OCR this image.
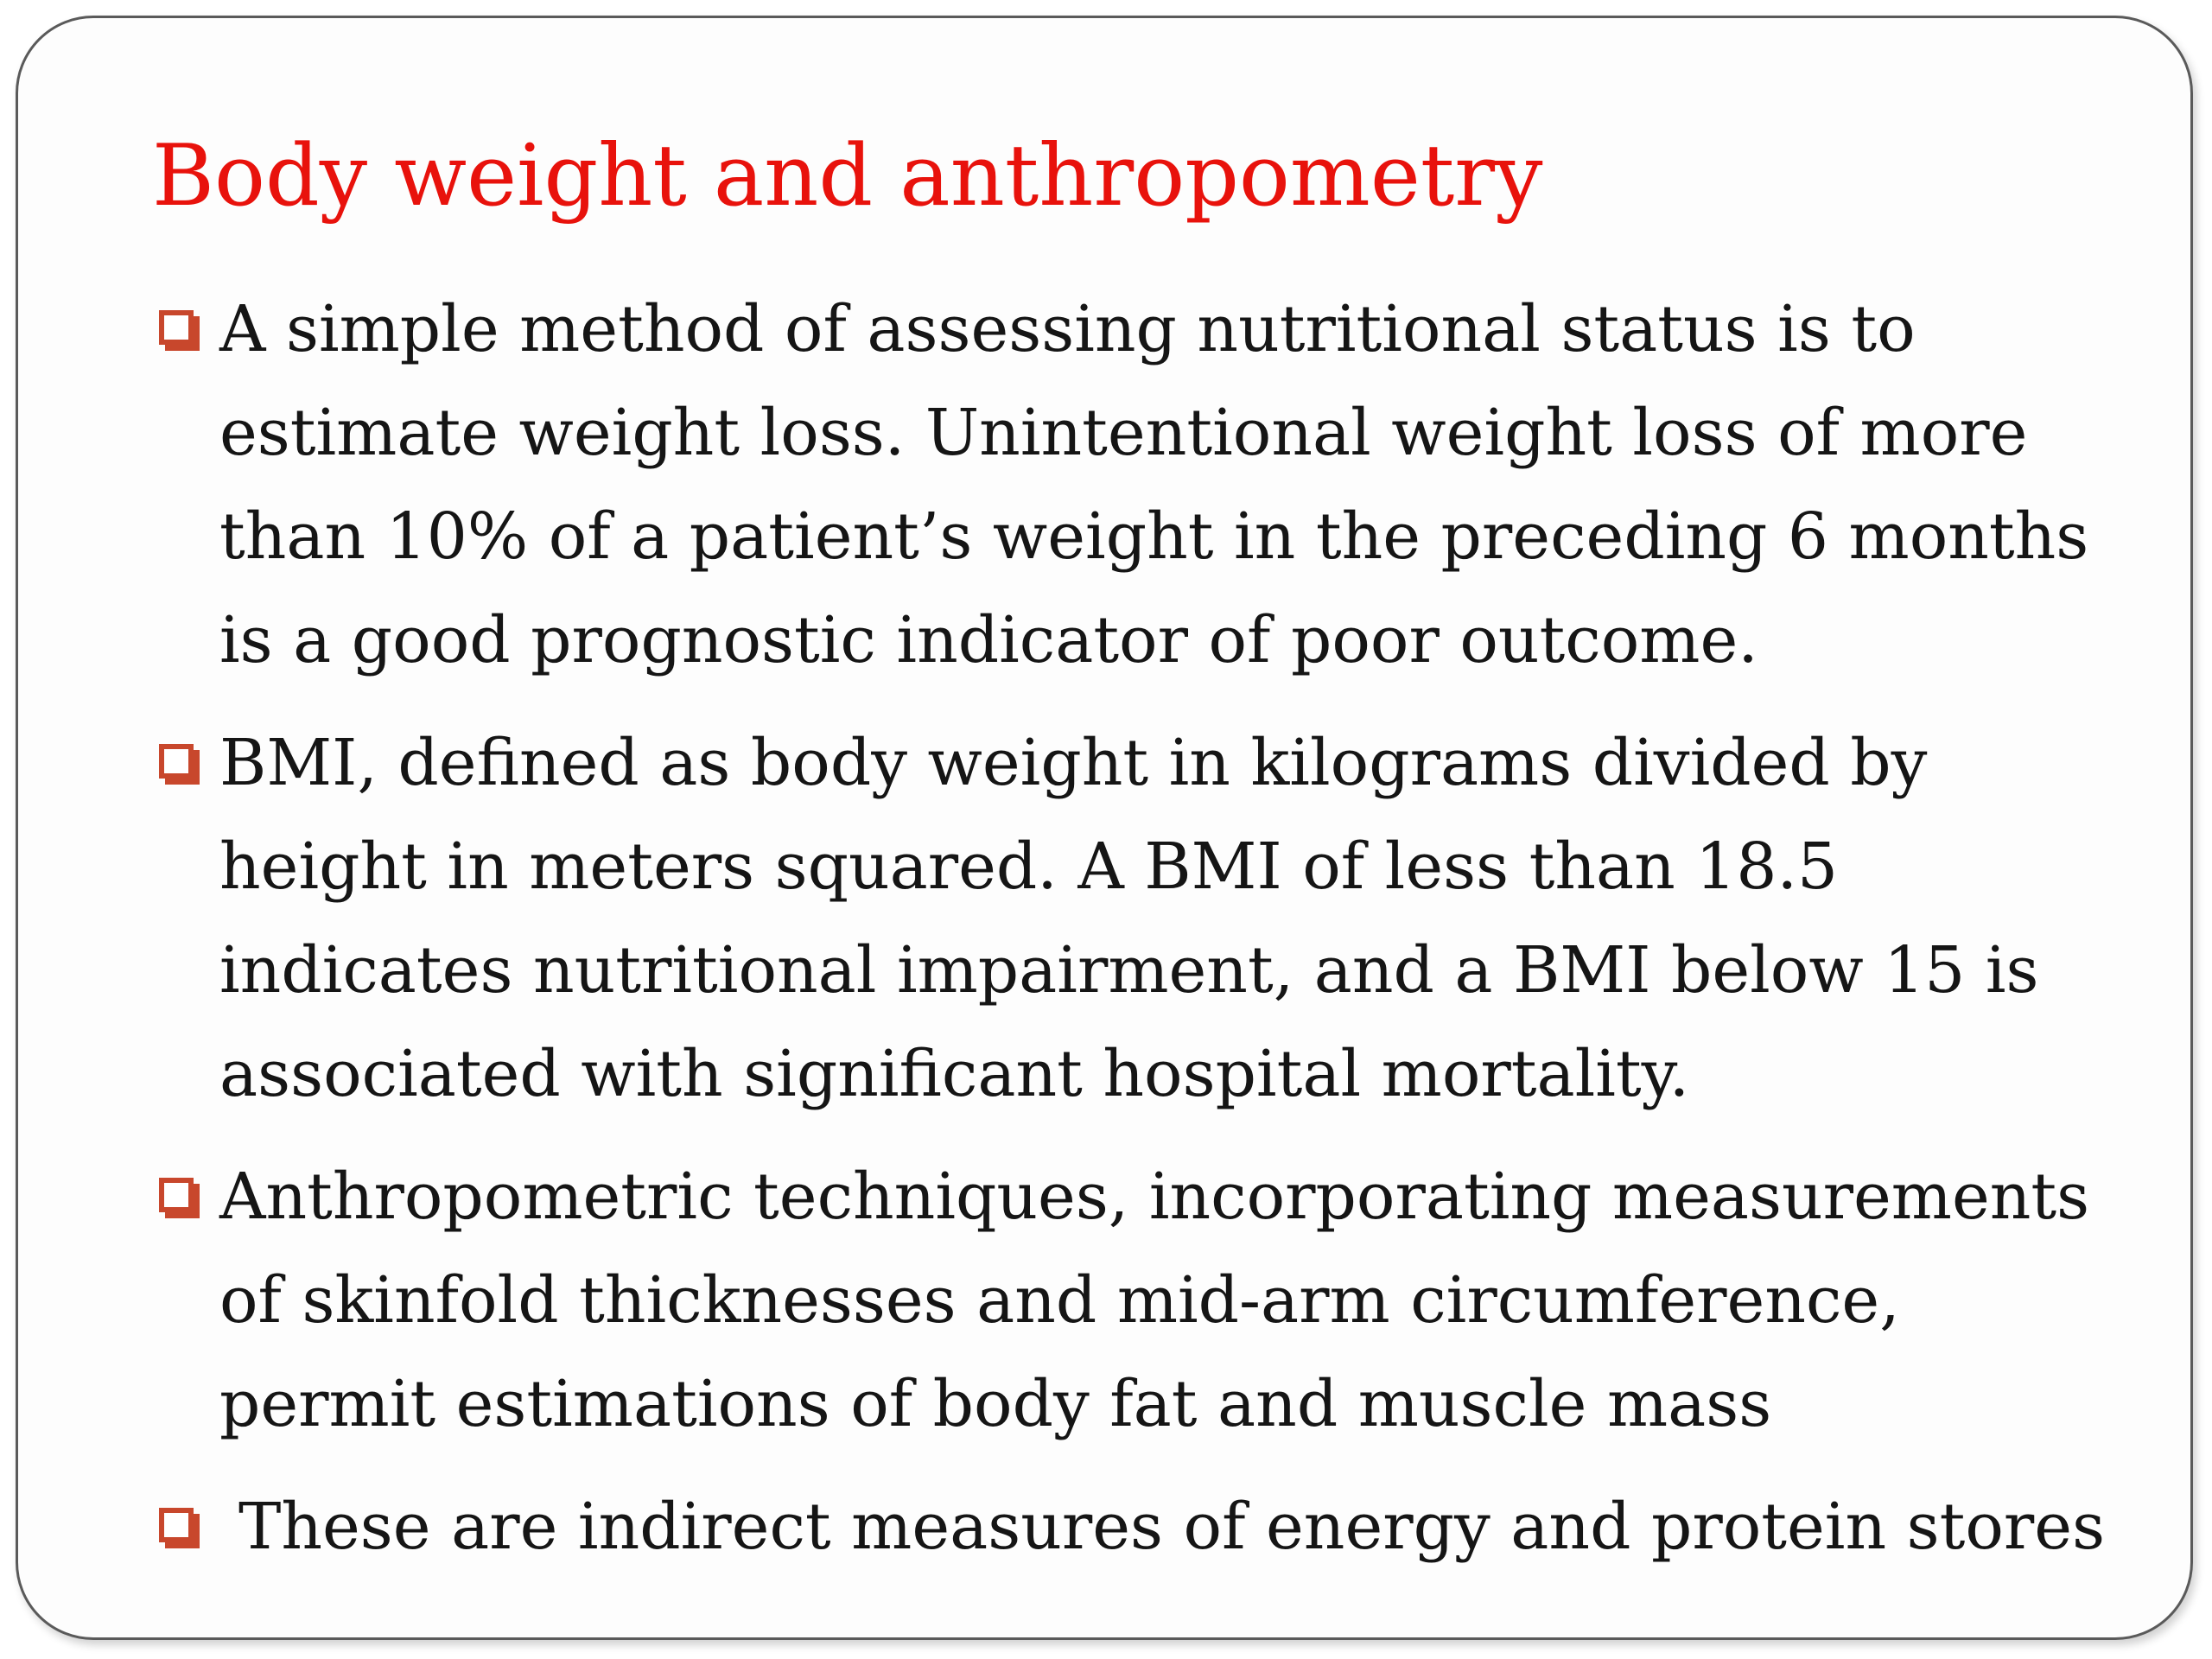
Body weight and anthropometry
A simple method of assessing nutritional status is to estimate weight loss. Unintentional weight loss of more than 10% of a patient’s weight in the preceding 6 months is a good prognostic indicator of poor outcome.
BMI, defined as body weight in kilograms divided by height in meters squared. A BMI of less than 18.5 indicates nutritional impairment, and a BMI below 15 is associated with significant hospital mortality.
Anthropometric techniques, incorporating measurements of skinfold thicknesses and mid-arm circumference, permit estimations of body fat and muscle mass
These are indirect measures of energy and protein stores
